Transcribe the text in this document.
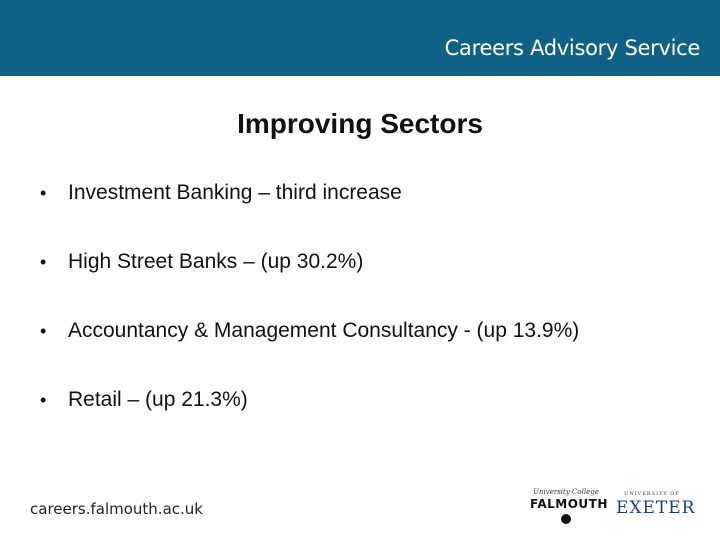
Careers Advisory Service
Improving Sectors
•	Investment Banking – third increase
•	High Street Banks – (up 30.2%)
•	Accountancy & Management Consultancy - (up 13.9%)
•	Retail – (up 21.3%)
careers.falmouth.ac.uk
University College
FALMOUTH
UNIVERSITY OF
EXETER
